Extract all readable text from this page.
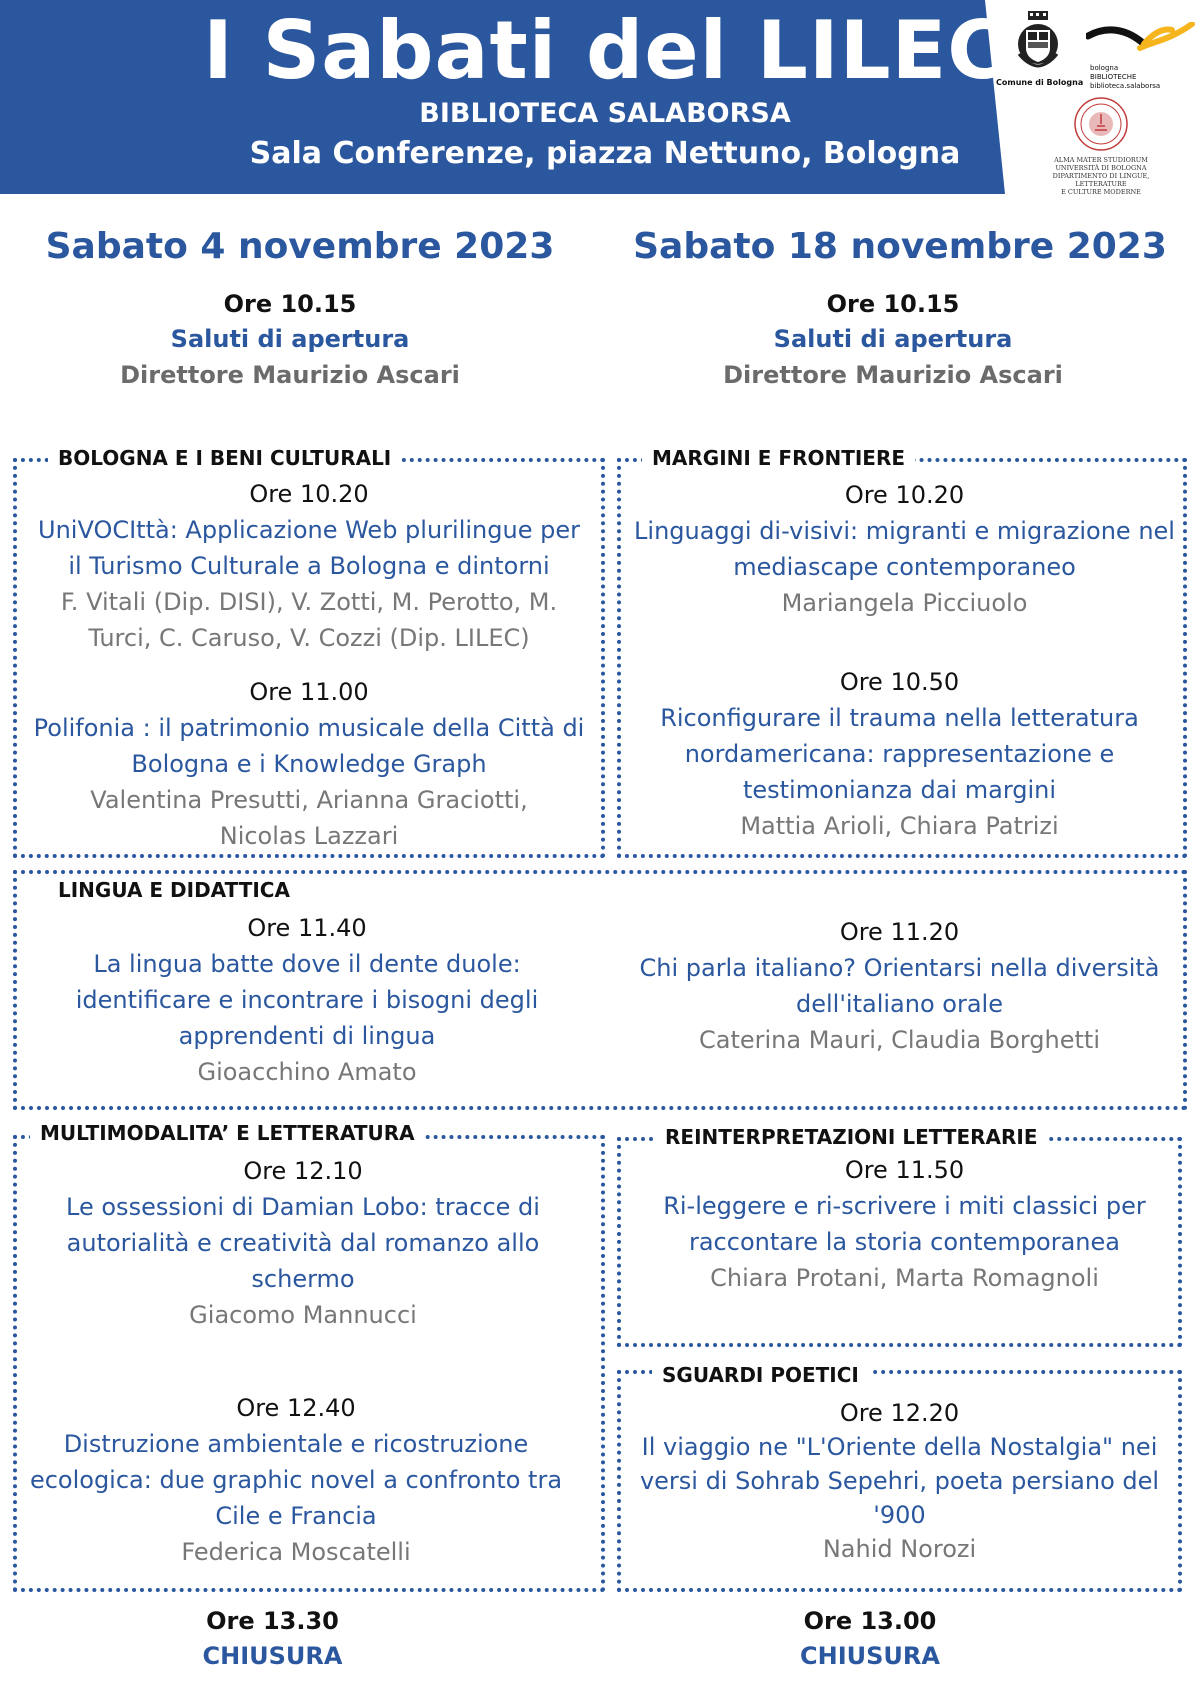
I Sabati del LILEC
BIBLIOTECA SALABORSA
Sala Conferenze, piazza Nettuno, Bologna
Comune di Bologna
bologna
BIBLIOTECHE
biblioteca.salaborsa
ALMA MATER STUDIORUM
UNIVERSITÀ DI BOLOGNA
DIPARTIMENTO DI LINGUE, LETTERATURE
E CULTURE MODERNE
Sabato 4 novembre 2023	Sabato 18 novembre 2023
Ore 10.15
Saluti di apertura
Direttore Maurizio Ascari
Ore 10.15
Saluti di apertura
Direttore Maurizio Ascari
BOLOGNA E I BENI CULTURALI	MARGINI E FRONTIERE
LINGUA E DIDATTICA
MULTIMODALITA’ E LETTERATURA	REINTERPRETAZIONI LETTERARIE
SGUARDI POETICI
Ore 10.20
UniVOCIttà: Applicazione Web plurilingue per
il Turismo Culturale a Bologna e dintorni
F. Vitali (Dip. DISI), V. Zotti, M. Perotto, M.
Turci, C. Caruso, V. Cozzi (Dip. LILEC)
Ore 11.00
Polifonia : il patrimonio musicale della Città di
Bologna e i Knowledge Graph
Valentina Presutti, Arianna Graciotti,
Nicolas Lazzari
Ore 10.20
Linguaggi di-visivi: migranti e migrazione nel
mediascape contemporaneo
Mariangela Picciuolo
Ore 10.50
Riconfigurare il trauma nella letteratura
nordamericana: rappresentazione e
testimonianza dai margini
Mattia Arioli, Chiara Patrizi
Ore 11.40
La lingua batte dove il dente duole:
identificare e incontrare i bisogni degli
apprendenti di lingua
Gioacchino Amato
Ore 11.20
Chi parla italiano? Orientarsi nella diversità
dell'italiano orale
Caterina Mauri, Claudia Borghetti
Ore 12.10
Le ossessioni di Damian Lobo: tracce di
autorialità e creatività dal romanzo allo
schermo
Giacomo Mannucci
Ore 12.40
Distruzione ambientale e ricostruzione
ecologica: due graphic novel a confronto tra
Cile e Francia
Federica Moscatelli
Ore 11.50
Ri-leggere e ri-scrivere i miti classici per
raccontare la storia contemporanea
Chiara Protani, Marta Romagnoli
Ore 12.20
Il viaggio ne "L'Oriente della Nostalgia" nei
versi di Sohrab Sepehri, poeta persiano del
'900
Nahid Norozi
Ore 13.30
CHIUSURA
Ore 13.00
CHIUSURA
